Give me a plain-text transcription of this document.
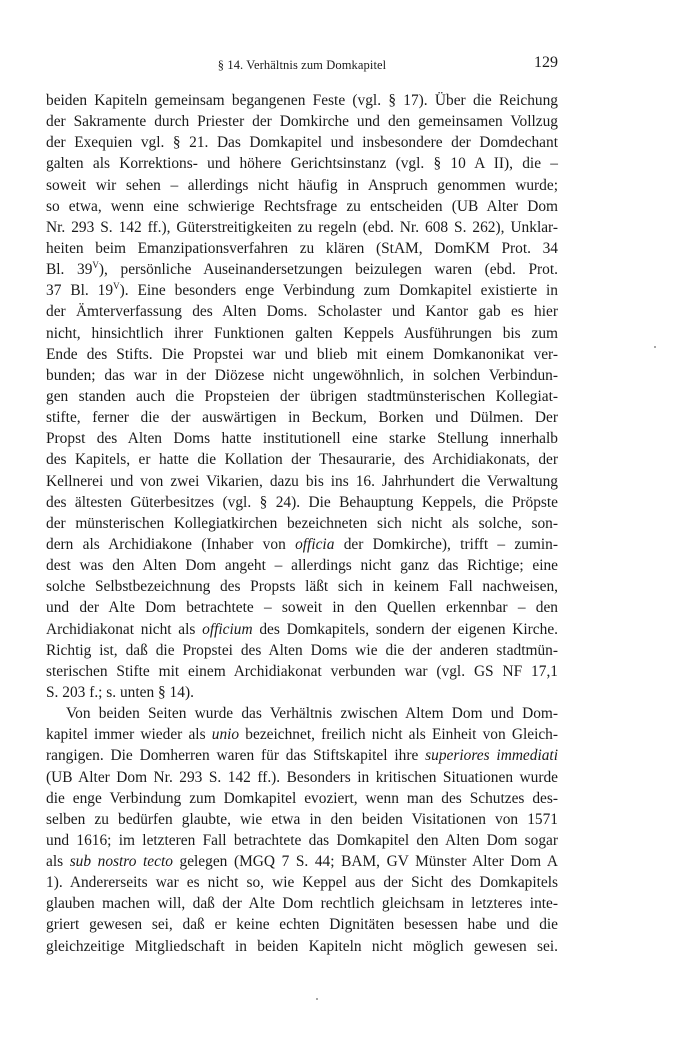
§ 14. Verhältnis zum Domkapitel	129
beiden Kapiteln gemeinsam begangenen Feste (vgl. § 17). Über die Reichung
der Sakramente durch Priester der Domkirche und den gemeinsamen Vollzug
der Exequien vgl. § 21. Das Domkapitel und insbesondere der Domdechant
galten als Korrektions- und höhere Gerichtsinstanz (vgl. § 10 A II), die –
soweit wir sehen – allerdings nicht häufig in Anspruch genommen wurde;
so etwa, wenn eine schwierige Rechtsfrage zu entscheiden (UB Alter Dom
Nr. 293 S. 142 ff.), Güterstreitigkeiten zu regeln (ebd. Nr. 608 S. 262), Unklar-
heiten beim Emanzipationsverfahren zu klären (StAM, DomKM Prot. 34
Bl. $39^V$), persönliche Auseinandersetzungen beizulegen waren (ebd. Prot.
37 Bl. $19^V$). Eine besonders enge Verbindung zum Domkapitel existierte in
der Ämterverfassung des Alten Doms. Scholaster und Kantor gab es hier
nicht, hinsichtlich ihrer Funktionen galten Keppels Ausführungen bis zum
Ende des Stifts. Die Propstei war und blieb mit einem Domkanonikat ver-
bunden; das war in der Diözese nicht ungewöhnlich, in solchen Verbindun-
gen standen auch die Propsteien der übrigen stadtmünsterischen Kollegiat-
stifte, ferner die der auswärtigen in Beckum, Borken und Dülmen. Der
Propst des Alten Doms hatte institutionell eine starke Stellung innerhalb
des Kapitels, er hatte die Kollation der Thesaurarie, des Archidiakonats, der
Kellnerei und von zwei Vikarien, dazu bis ins 16. Jahrhundert die Verwaltung
des ältesten Güterbesitzes (vgl. § 24). Die Behauptung Keppels, die Pröpste
der münsterischen Kollegiatkirchen bezeichneten sich nicht als solche, son-
dern als Archidiakone (Inhaber von officia der Domkirche), trifft – zumin-
dest was den Alten Dom angeht – allerdings nicht ganz das Richtige; eine
solche Selbstbezeichnung des Propsts läßt sich in keinem Fall nachweisen,
und der Alte Dom betrachtete – soweit in den Quellen erkennbar – den
Archidiakonat nicht als officium des Domkapitels, sondern der eigenen Kirche.
Richtig ist, daß die Propstei des Alten Doms wie die der anderen stadtmün-
sterischen Stifte mit einem Archidiakonat verbunden war (vgl. GS NF 17,1
S. 203 f.; s. unten § 14).
Von beiden Seiten wurde das Verhältnis zwischen Altem Dom und Dom-
kapitel immer wieder als unio bezeichnet, freilich nicht als Einheit von Gleich-
rangigen. Die Domherren waren für das Stiftskapitel ihre superiores immediati
(UB Alter Dom Nr. 293 S. 142 ff.). Besonders in kritischen Situationen wurde
die enge Verbindung zum Domkapitel evoziert, wenn man des Schutzes des-
selben zu bedürfen glaubte, wie etwa in den beiden Visitationen von 1571
und 1616; im letzteren Fall betrachtete das Domkapitel den Alten Dom sogar
als sub nostro tecto gelegen (MGQ 7 S. 44; BAM, GV Münster Alter Dom A
1). Andererseits war es nicht so, wie Keppel aus der Sicht des Domkapitels
glauben machen will, daß der Alte Dom rechtlich gleichsam in letzteres inte-
griert gewesen sei, daß er keine echten Dignitäten besessen habe und die
gleichzeitige Mitgliedschaft in beiden Kapiteln nicht möglich gewesen sei.
